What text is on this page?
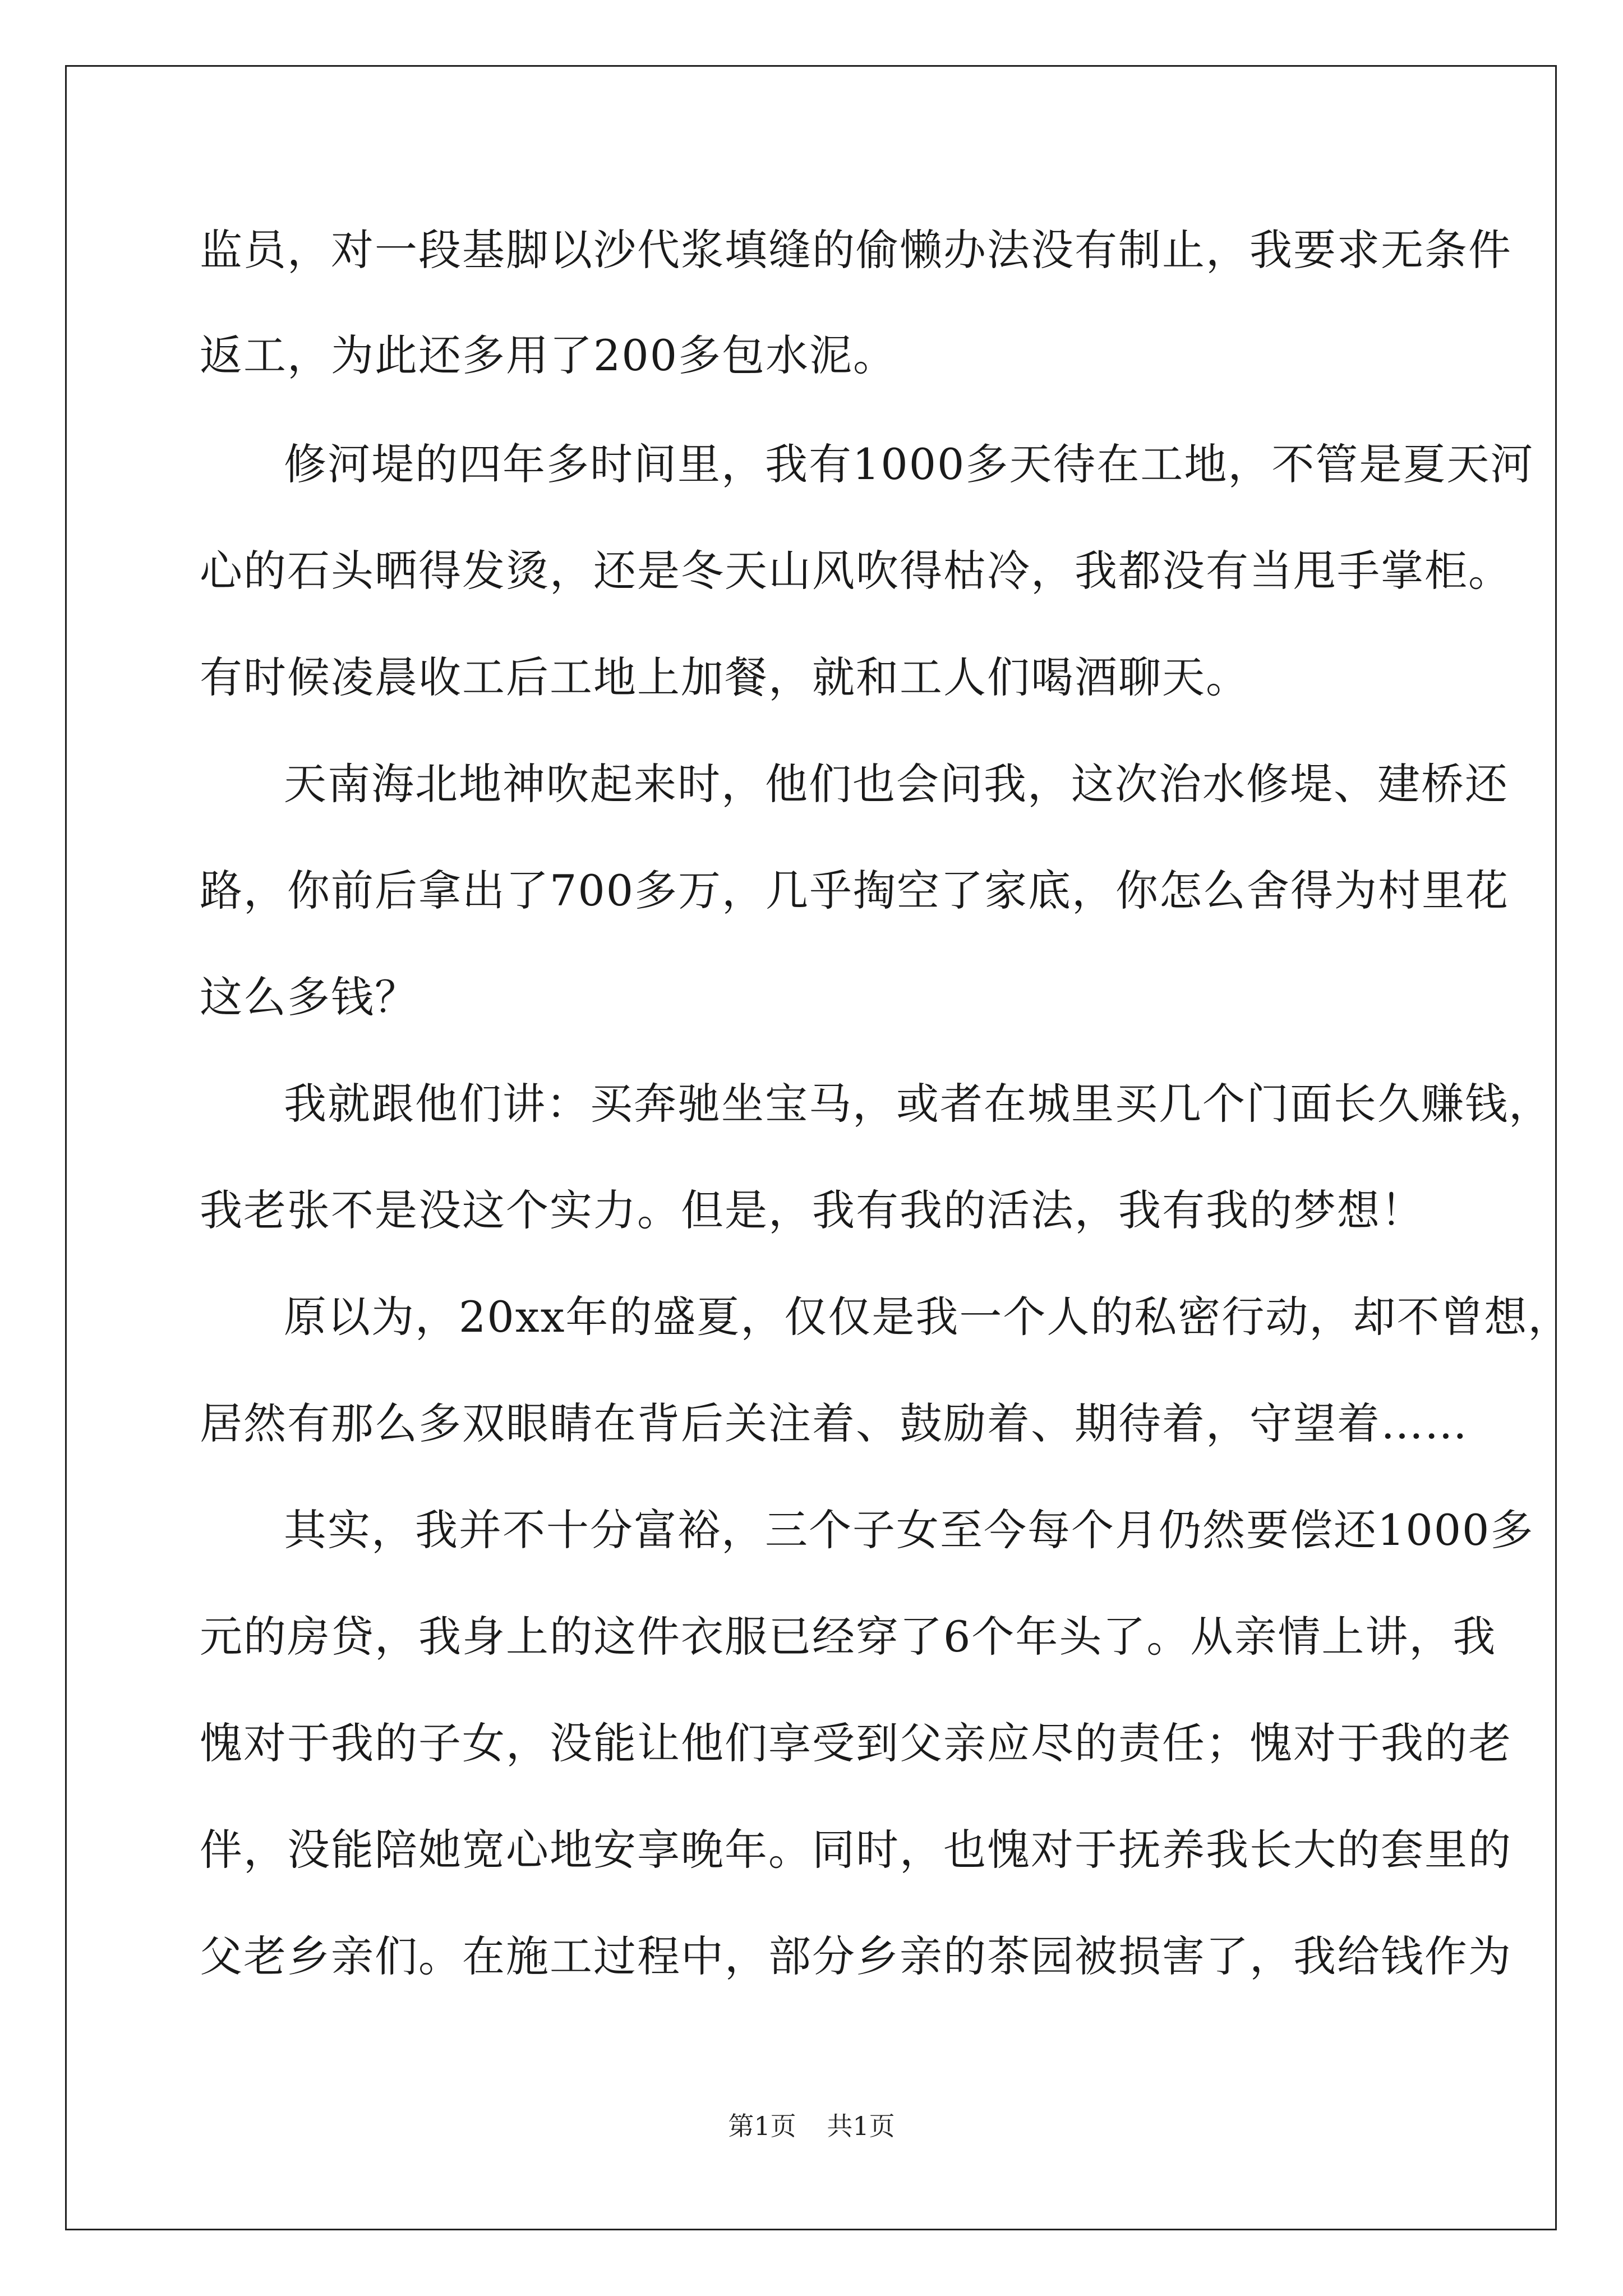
监员，对一段基脚以沙代浆填缝的偷懒办法没有制止，我要求无条件
返工，为此还多用了200多包水泥。
修河堤的四年多时间里，我有1000多天待在工地，不管是夏天河
心的石头晒得发烫，还是冬天山风吹得枯冷，我都没有当甩手掌柜。
有时候凌晨收工后工地上加餐，就和工人们喝酒聊天。
天南海北地神吹起来时，他们也会问我，这次治水修堤、建桥还
路，你前后拿出了700多万，几乎掏空了家底，你怎么舍得为村里花
这么多钱？
我就跟他们讲：买奔驰坐宝马，或者在城里买几个门面长久赚钱，
我老张不是没这个实力。但是，我有我的活法，我有我的梦想！
原以为，20xx年的盛夏，仅仅是我一个人的私密行动，却不曾想，
居然有那么多双眼睛在背后关注着、鼓励着、期待着，守望着……
其实，我并不十分富裕，三个子女至今每个月仍然要偿还1000多
元的房贷，我身上的这件衣服已经穿了6个年头了。从亲情上讲，我
愧对于我的子女，没能让他们享受到父亲应尽的责任；愧对于我的老
伴，没能陪她宽心地安享晚年。同时，也愧对于抚养我长大的套里的
父老乡亲们。在施工过程中，部分乡亲的茶园被损害了，我给钱作为
第1页 共1页
